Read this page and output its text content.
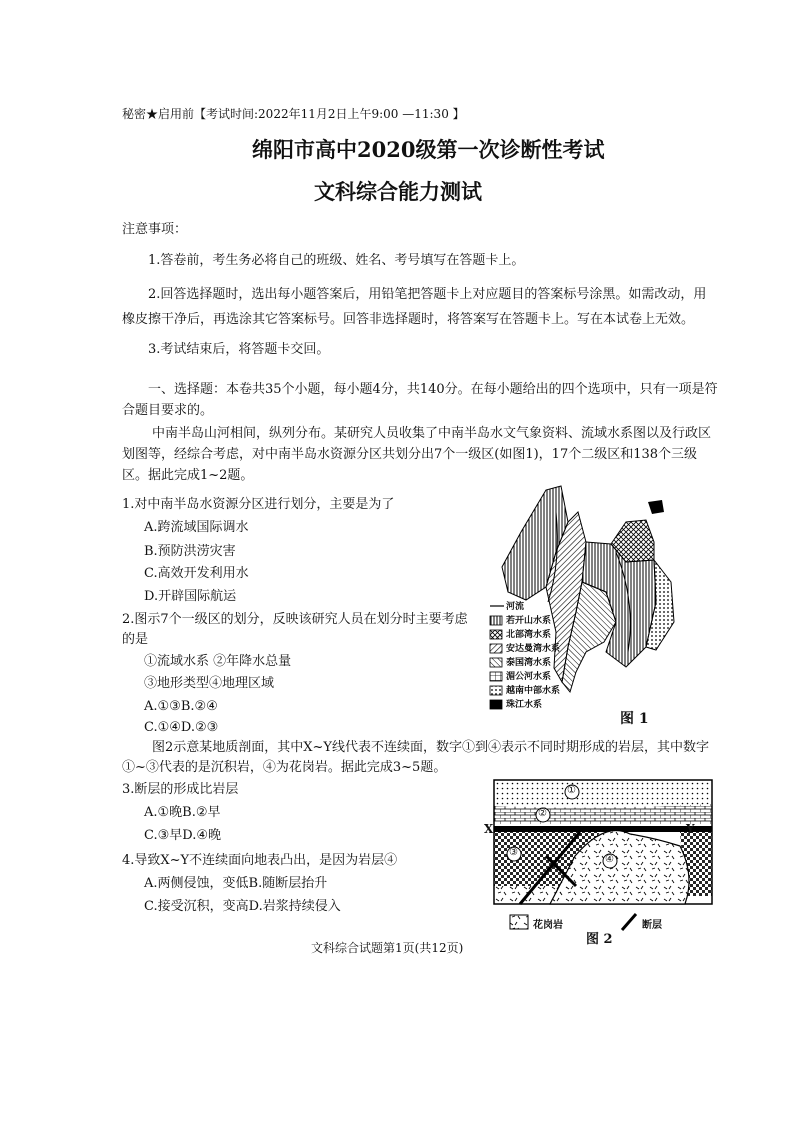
秘密★启用前【考试时间:2022年11月2日上午9:00 —11:30 】
绵阳市高中2020级第一次诊断性考试
文科综合能力测试
注意事项：
1.答卷前，考生务必将自己的班级、姓名、考号填写在答题卡上。
2.回答选择题时，选出每小题答案后，用铅笔把答题卡上对应题目的答案标号涂黑。如需改动，用橡皮擦干净后，再选涂其它答案标号。回答非选择题时，将答案写在答题卡上。写在本试卷上无效。
3.考试结束后，将答题卡交回。
一、选择题：本卷共35个小题，每小题4分，共140分。在每小题给出的四个选项中，只有一项是符合题目要求的。
中南半岛山河相间，纵列分布。某研究人员收集了中南半岛水文气象资料、流域水系图以及行政区划图等，经综合考虑，对中南半岛水资源分区共划分出7个一级区(如图1)，17个二级区和138个三级区。据此完成1~2题。
1.对中南半岛水资源分区进行划分，主要是为了
A.跨流域国际调水
B.预防洪涝灾害
C.高效开发利用水
D.开辟国际航运
2.图示7个一级区的划分，反映该研究人员在划分时主要考虑的是
①流域水系 ②年降水总量
③地形类型④地理区域
A.①③B.②④
C.①④D.②③
图2示意某地质剖面，其中X~Y线代表不连续面，数字①到④表示不同时期形成的岩层，其中数字①~③代表的是沉积岩，④为花岗岩。据此完成3~5题。
3.断层的形成比岩层
A.①晚B.②早
C.③早D.④晚
4.导致X~Y不连续面向地表凸出，是因为岩层④
A.两侧侵蚀，变低B.随断层抬升
C.接受沉积，变高D.岩浆持续侵入
河流
若开山水系
北部湾水系
安达曼湾水系
泰国湾水系
湄公河水系
越南中部水系
珠江水系
图 1
①
②
③
④
X	Y
花岗岩
图 2
断层
文科综合试题第1页(共12页)
